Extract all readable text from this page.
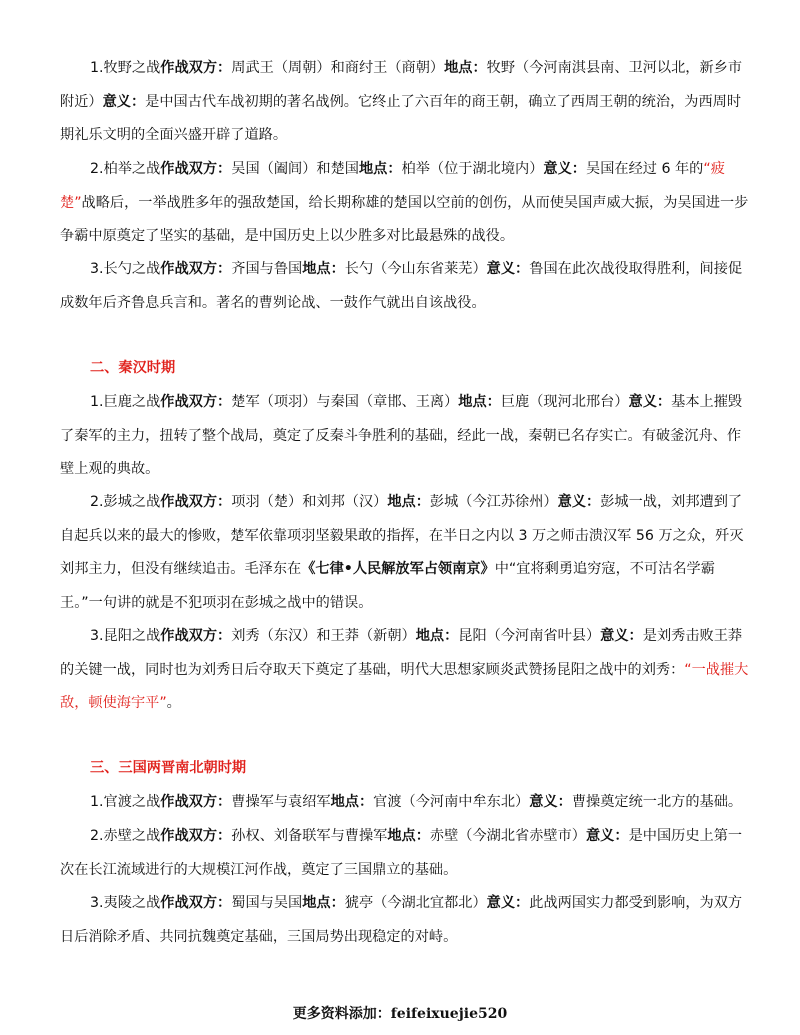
1.牧野之战作战双方：周武王（周朝）和商纣王（商朝）地点：牧野（今河南淇县南、卫河以北，新乡市附近）意义：是中国古代车战初期的著名战例。它终止了六百年的商王朝，确立了西周王朝的统治，为西周时期礼乐文明的全面兴盛开辟了道路。

2.柏举之战作战双方：吴国（阖闾）和楚国地点：柏举（位于湖北境内）意义：吴国在经过 6 年的“疲楚”战略后，一举战胜多年的强敌楚国，给长期称雄的楚国以空前的创伤，从而使吴国声威大振，为吴国进一步争霸中原奠定了坚实的基础，是中国历史上以少胜多对比最悬殊的战役。

3.长勺之战作战双方：齐国与鲁国地点：长勺（今山东省莱芜）意义：鲁国在此次战役取得胜利，间接促成数年后齐鲁息兵言和。著名的曹刿论战、一鼓作气就出自该战役。

二、秦汉时期

1.巨鹿之战作战双方：楚军（项羽）与秦国（章邯、王离）地点：巨鹿（现河北邢台）意义：基本上摧毁了秦军的主力，扭转了整个战局，奠定了反秦斗争胜利的基础，经此一战，秦朝已名存实亡。有破釜沉舟、作壁上观的典故。

2.彭城之战作战双方：项羽（楚）和刘邦（汉）地点：彭城（今江苏徐州）意义：彭城一战，刘邦遭到了自起兵以来的最大的惨败，楚军依靠项羽坚毅果敢的指挥，在半日之内以 3 万之师击溃汉军 56 万之众，歼灭刘邦主力，但没有继续追击。毛泽东在《七律•人民解放军占领南京》中“宜将剩勇追穷寇，不可沽名学霸王。”一句讲的就是不犯项羽在彭城之战中的错误。

3.昆阳之战作战双方：刘秀（东汉）和王莽（新朝）地点：昆阳（今河南省叶县）意义：是刘秀击败王莽的关键一战，同时也为刘秀日后夺取天下奠定了基础，明代大思想家顾炎武赞扬昆阳之战中的刘秀：“一战摧大敌，顿使海宇平”。

三、三国两晋南北朝时期

1.官渡之战作战双方：曹操军与袁绍军地点：官渡（今河南中牟东北）意义：曹操奠定统一北方的基础。

2.赤壁之战作战双方：孙权、刘备联军与曹操军地点：赤壁（今湖北省赤壁市）意义：是中国历史上第一次在长江流域进行的大规模江河作战，奠定了三国鼎立的基础。

3.夷陵之战作战双方：蜀国与吴国地点：猇亭（今湖北宜都北）意义：此战两国实力都受到影响，为双方日后消除矛盾、共同抗魏奠定基础，三国局势出现稳定的对峙。

更多资料添加：feifeixuejie520
